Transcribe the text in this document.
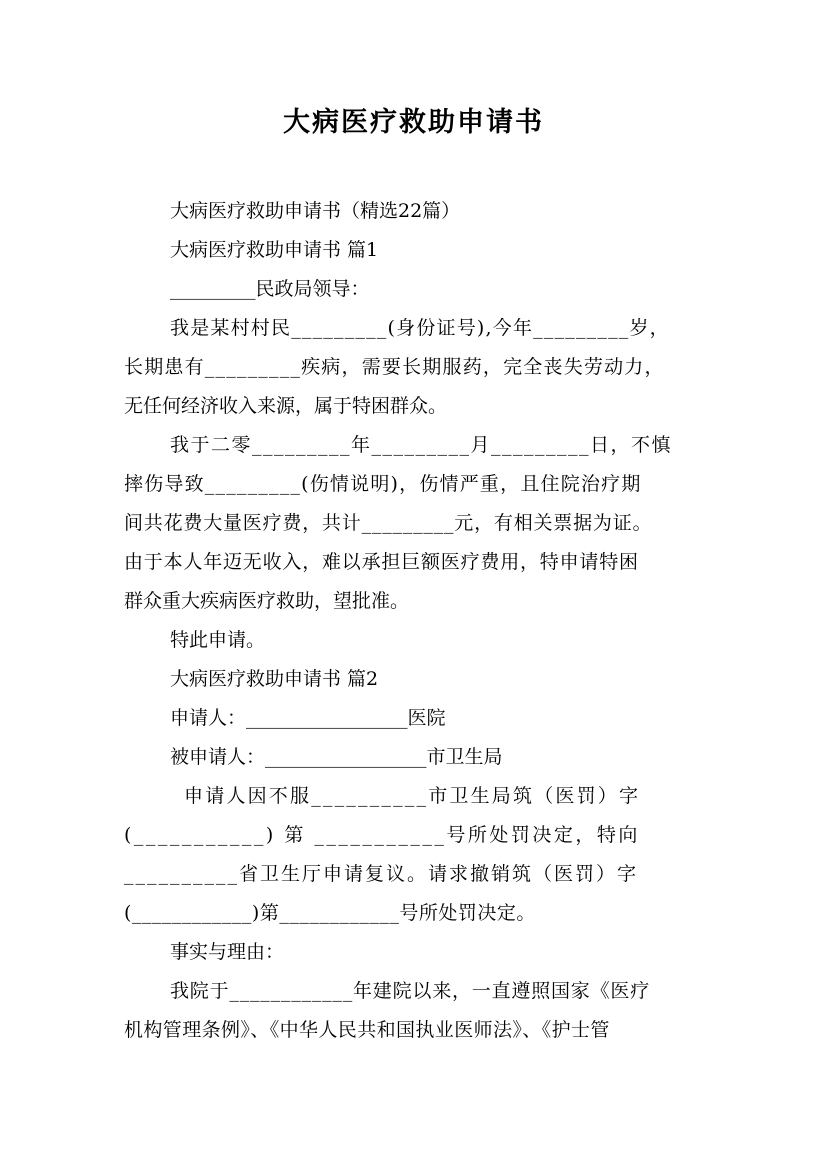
大病医疗救助申请书
大病医疗救助申请书（精选22篇）
大病医疗救助申请书 篇1
_________民政局领导：
我是某村村民_________(身份证号),今年_________岁，
长期患有_________疾病，需要长期服药，完全丧失劳动力，
无任何经济收入来源，属于特困群众。
我于二零_________年_________月_________日，不慎
摔伤导致_________(伤情说明)，伤情严重，且住院治疗期
间共花费大量医疗费，共计_________元，有相关票据为证。
由于本人年迈无收入，难以承担巨额医疗费用，特申请特困
群众重大疾病医疗救助，望批准。
特此申请。
大病医疗救助申请书 篇2
申请人：_________________医院
被申请人：_________________市卫生局
申请人因不服__________市卫生局筑（医罚）字
(___________) 第 ___________号所处罚决定，特向
__________省卫生厅申请复议。请求撤销筑（医罚）字
(____________)第____________号所处罚决定。
事实与理由：
我院于____________年建院以来，一直遵照国家《医疗
机构管理条例》、《中华人民共和国执业医师法》、《护士管
